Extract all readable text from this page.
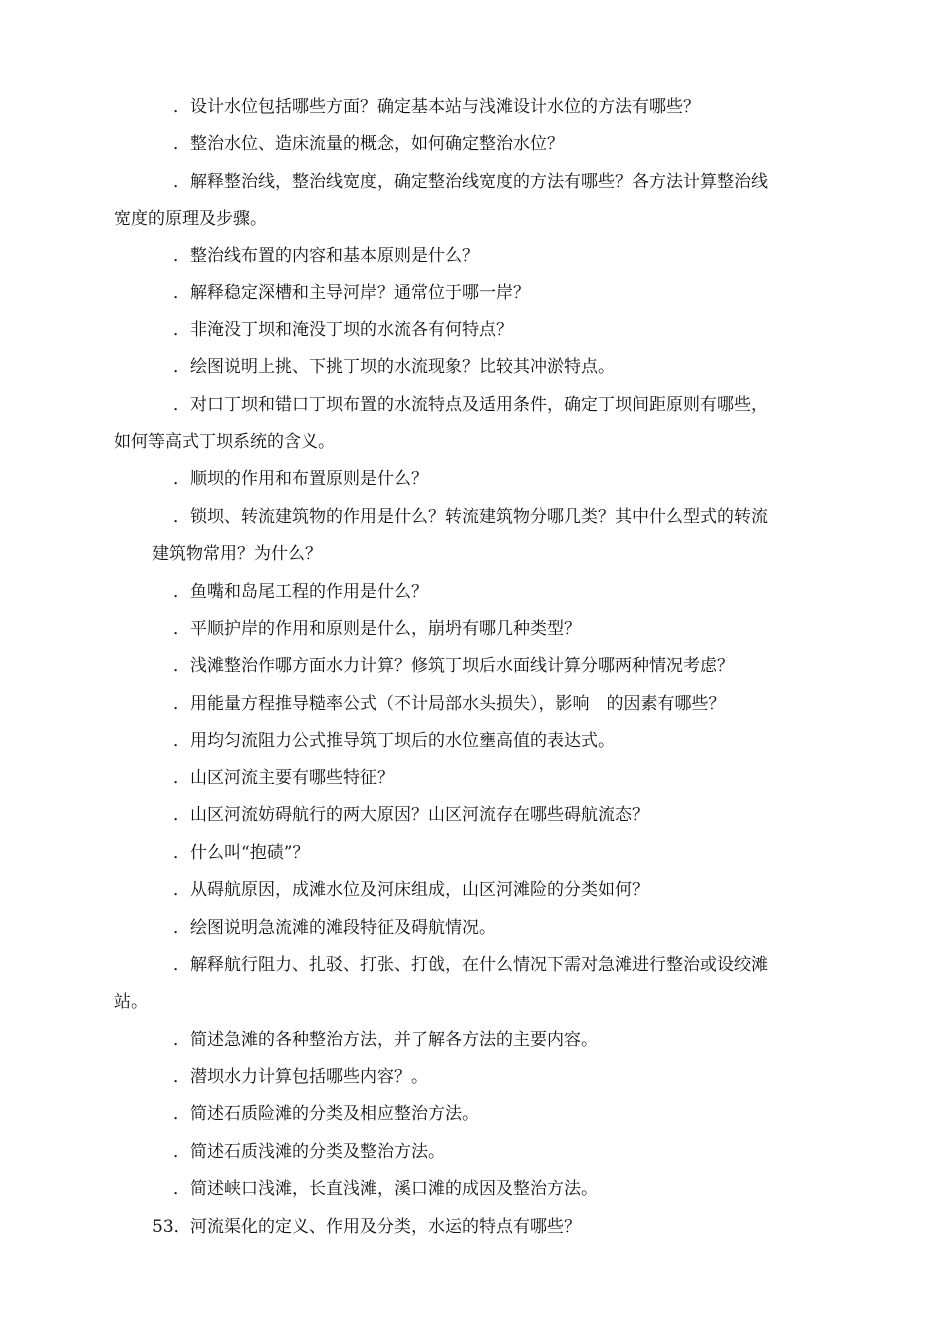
．设计水位包括哪些方面？确定基本站与浅滩设计水位的方法有哪些？
．整治水位、造床流量的概念，如何确定整治水位？
．解释整治线，整治线宽度，确定整治线宽度的方法有哪些？各方法计算整治线
宽度的原理及步骤。
．整治线布置的内容和基本原则是什么？
．解释稳定深槽和主导河岸？通常位于哪一岸？
．非淹没丁坝和淹没丁坝的水流各有何特点？
．绘图说明上挑、下挑丁坝的水流现象？比较其冲淤特点。
．对口丁坝和错口丁坝布置的水流特点及适用条件，确定丁坝间距原则有哪些，
如何等高式丁坝系统的含义。
．顺坝的作用和布置原则是什么？
．锁坝、转流建筑物的作用是什么？转流建筑物分哪几类？其中什么型式的转流
建筑物常用？为什么？
．鱼嘴和岛尾工程的作用是什么？
．平顺护岸的作用和原则是什么，崩坍有哪几种类型？
．浅滩整治作哪方面水力计算？修筑丁坝后水面线计算分哪两种情况考虑？
．用能量方程推导糙率公式（不计局部水头损失），影响　的因素有哪些？
．用均匀流阻力公式推导筑丁坝后的水位壅高值的表达式。
．山区河流主要有哪些特征？
．山区河流妨碍航行的两大原因？山区河流存在哪些碍航流态？
．什么叫“抱碛”？
．从碍航原因，成滩水位及河床组成，山区河滩险的分类如何？
．绘图说明急流滩的滩段特征及碍航情况。
．解释航行阻力、扎驳、打张、打戗，在什么情况下需对急滩进行整治或设绞滩
站。
．简述急滩的各种整治方法，并了解各方法的主要内容。
．潜坝水力计算包括哪些内容？。
．简述石质险滩的分类及相应整治方法。
．简述石质浅滩的分类及整治方法。
．简述峡口浅滩，长直浅滩，溪口滩的成因及整治方法。
53．河流渠化的定义、作用及分类，水运的特点有哪些？
